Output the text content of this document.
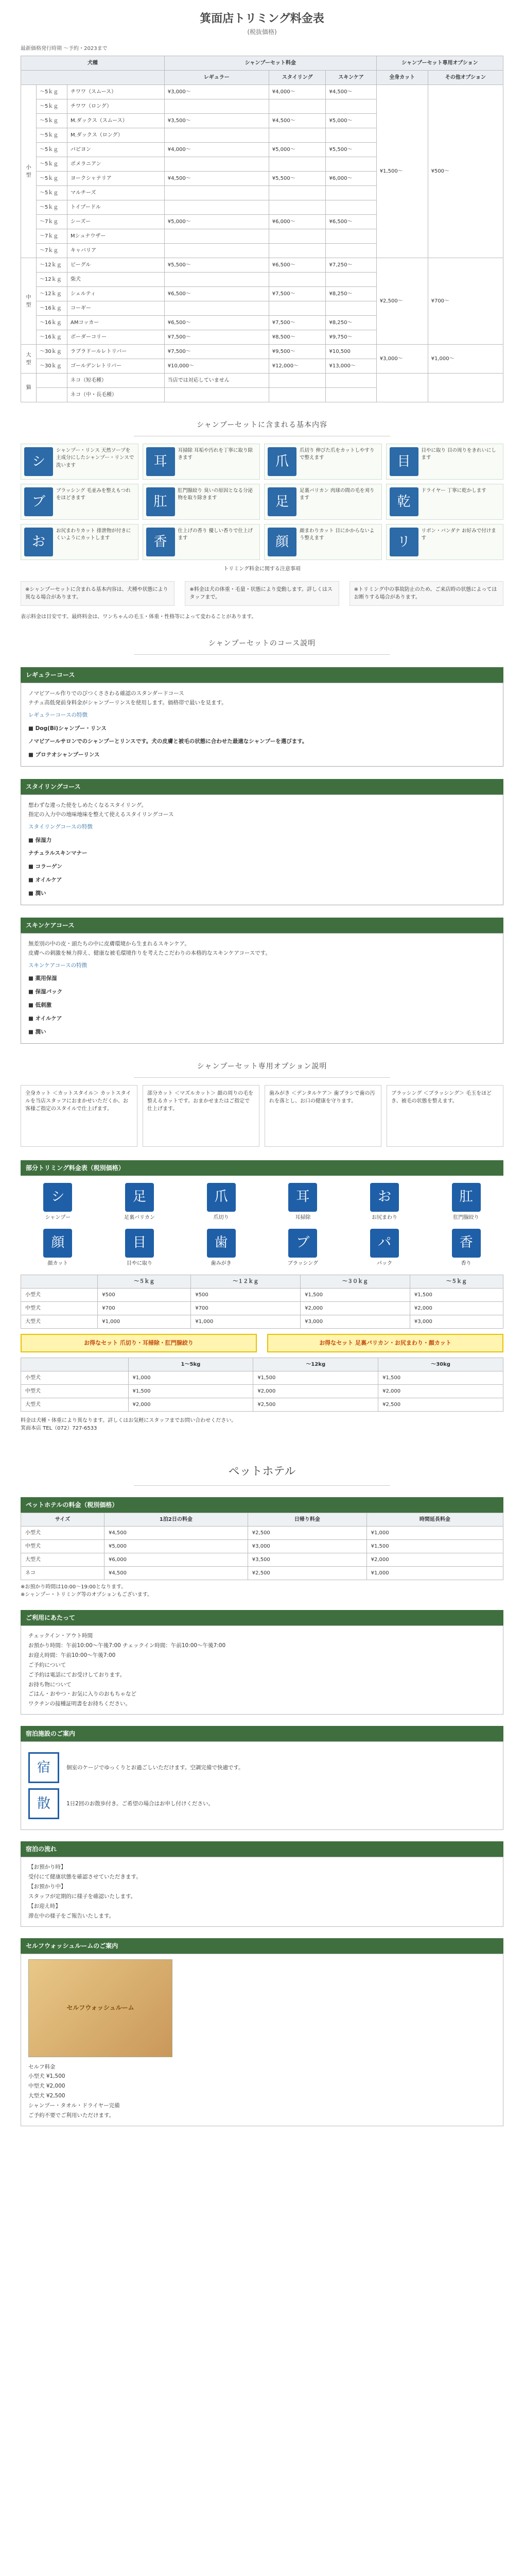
箕面店トリミング料金表
(税抜価格)
最新価格発行時期 〜予約・2023まで
犬種			シャンプーセット料金			シャンプーセット専用オプション	
			レギュラー	スタイリング	スキンケア	全身カット	その他オプション
小型	〜5ｋｇ	チワワ（スムース）	¥3,000〜	¥4,000〜	¥4,500〜	¥1,500〜	¥500〜
	〜5ｋｇ	チワワ（ロング）					
	〜5ｋｇ	M.ダックス（スムース）	¥3,500〜	¥4,500〜	¥5,000〜		
	〜5ｋｇ	M.ダックス（ロング）					
	〜5ｋｇ	パピヨン	¥4,000〜	¥5,000〜	¥5,500〜		
	〜5ｋｇ	ポメラニアン					
	〜5ｋｇ	ヨークシャテリア	¥4,500〜	¥5,500〜	¥6,000〜		
	〜5ｋｇ	マルチーズ					
	〜5ｋｇ	トイプードル					
	〜7ｋｇ	シーズー	¥5,000〜	¥6,000〜	¥6,500〜		
	〜7ｋｇ	Mシュナウザー					
	〜7ｋｇ	キャバリア					
中型	〜12ｋｇ	ビーグル	¥5,500〜	¥6,500〜	¥7,250〜	¥2,500〜	¥700〜
	〜12ｋｇ	柴犬					
	〜12ｋｇ	シェルティ	¥6,500〜	¥7,500〜	¥8,250〜		
	〜16ｋｇ	コーギー					
	〜16ｋｇ	AMコッカー	¥6,500〜	¥7,500〜	¥8,250〜		
	〜16ｋｇ	ボーダーコリー	¥7,500〜	¥8,500〜	¥9,750〜		
大型	〜30ｋｇ	ラブラドールレトリバー	¥7,500〜	¥9,500〜	¥10,500	¥3,000〜	¥1,000〜
	〜30ｋｇ	ゴールデンレトリバー	¥10,000〜	¥12,000〜	¥13,000〜		
猫		ネコ（短毛種）	当店では対応していません				
		ネコ（中・長毛種）					
シャンプーセットに含まれる基本内容
シ
シャンプー・リンス 天然ソープを主成分にしたシャンプー・リンスで洗います	耳
耳掃除 耳垢や汚れを丁寧に取り除きます	爪
爪切り 伸びた爪をカットしやすりで整えます	目
目やに取り 目の周りをきれいにします
ブ
ブラッシング 毛並みを整えもつれをほどきます	肛
肛門腺絞り 臭いの原因となる分泌物を取り除きます	足
足裏バリカン 肉球の間の毛を刈ります	乾
ドライヤー 丁寧に乾かします
お
お尻まわりカット 排泄物が付きにくいようにカットします	香
仕上げの香り 優しい香りで仕上げます	顔
顔まわりカット 目にかからないよう整えます	リ
リボン・バンダナ お好みで付けます
トリミング料金に関する注意事項
※シャンプーセットに含まれる基本内容は、犬種や状態により異なる場合があります。
※料金は犬の体重・毛量・状態により変動します。詳しくはスタッフまで。
※トリミング中の事故防止のため、ご来店時の状態によってはお断りする場合があります。
表示料金は目安です。最終料金は、ワンちゃんの毛玉・体重・性格等によって変わることがあります。
シャンプーセットのコース説明
レギュラーコース
ノマビアール作りでのびつくささわる確認のスタンダードコース
ナチュ高低発前身料金がシャンプーリンスを使用します。価格帯で最いを見ます。
レギュラーコースの特徴
■ Dog(Bi)シャンプー・リンス
ノマビアールサロンでのシャンプーとリンスです。犬の皮膚と被毛の状態に合わせた最適なシャンプーを選びます。
■ プロテオシャンプーリンス
スタイリングコース
想わずな違った使をしめたくなるスタイリング。
指定の入力中の地味地味を整えて使えるスタイリングコース
スタイリングコースの特徴
■ 保湿力
ナチュラルスキンマナー
■ コラーゲン
■ オイルケア
■ 潤い
スキンケアコース
無差別の中の皮・頭たちの中に皮膚環境から生まれるスキンケア。
皮膚への刺激を極力抑え、健康な被毛環境作りを考えたこだわりの本格的なスキンケアコースです。
スキンケアコースの特徴
■ 薬用保湿
■ 保湿パック
■ 低刺激
■ オイルケア
■ 潤い
シャンプーセット専用オプション説明
全身カット ＜カットスタイル＞ カットスタイルを当店スタッフにおまかせいただくか、お客様ご指定のスタイルで仕上げます。
部分カット ＜マズルカット＞ 顔の周りの毛を整えるカットです。おまかせまたはご指定で仕上げます。
歯みがき ＜デンタルケア＞ 歯ブラシで歯の汚れを落とし、お口の健康を守ります。
ブラッシング ＜ブラッシング＞ 毛玉をほどき、被毛の状態を整えます。
部分トリミング料金表（税別価格）
シ
シャンプー
足
足裏バリカン
爪
爪切り
耳
耳掃除
お
お尻まわり
肛
肛門腺絞り
顔
顔カット
目
目やに取り
歯
歯みがき
ブ
ブラッシング
パ
パック
香
香り
	〜５ｋｇ	〜１２ｋｇ	〜３０ｋｇ	〜５ｋｇ
小型犬	¥500	¥500	¥1,500	¥1,500
中型犬	¥700	¥700	¥2,000	¥2,000
大型犬	¥1,000	¥1,000	¥3,000	¥3,000
お得なセット 爪切り・耳掃除・肛門腺絞り	お得なセット 足裏バリカン・お尻まわり・顔カット
	1〜5kg	〜12kg	〜30kg
小型犬	¥1,000	¥1,500	¥1,500
中型犬	¥1,500	¥2,000	¥2,000
大型犬	¥2,000	¥2,500	¥2,500
料金は犬種・体重により異なります。詳しくはお気軽にスタッフまでお問い合わせください。
箕面本店 TEL（072）727-6533
ペットホテル
ペットホテルの料金（税別価格）
サイズ	1泊2日の料金	日帰り料金	時間延長料金
小型犬	¥4,500	¥2,500	¥1,000
中型犬	¥5,000	¥3,000	¥1,500
大型犬	¥6,000	¥3,500	¥2,000
ネコ	¥4,500	¥2,500	¥1,000
※お預かり時間は10:00〜19:00となります。
※シャンプー・トリミング等のオプションもございます。
ご利用にあたって
チェックイン・アウト時間
お預かり時間：午前10:00〜午後7:00 チェックイン時間：午前10:00〜午後7:00
お迎え時間：午前10:00〜午後7:00
ご予約について
ご予約は電話にてお受けしております。
お持ち物について
ごはん・おやつ・お気に入りのおもちゃなど
ワクチンの接種証明書をお持ちください。
宿泊施設のご案内
宿	個室のケージでゆっくりとお過ごしいただけます。空調完備で快適です。
散	1日2回のお散歩付き。ご希望の場合はお申し付けください。
宿泊の流れ
【お預かり時】
受付にて健康状態を確認させていただきます。
【お預かり中】
スタッフが定期的に様子を確認いたします。
【お迎え時】
滞在中の様子をご報告いたします。
セルフウォッシュルームのご案内
セルフウォッシュルーム
セルフ料金
小型犬 ¥1,500
中型犬 ¥2,000
大型犬 ¥2,500
シャンプー・タオル・ドライヤー完備
ご予約不要でご利用いただけます。
